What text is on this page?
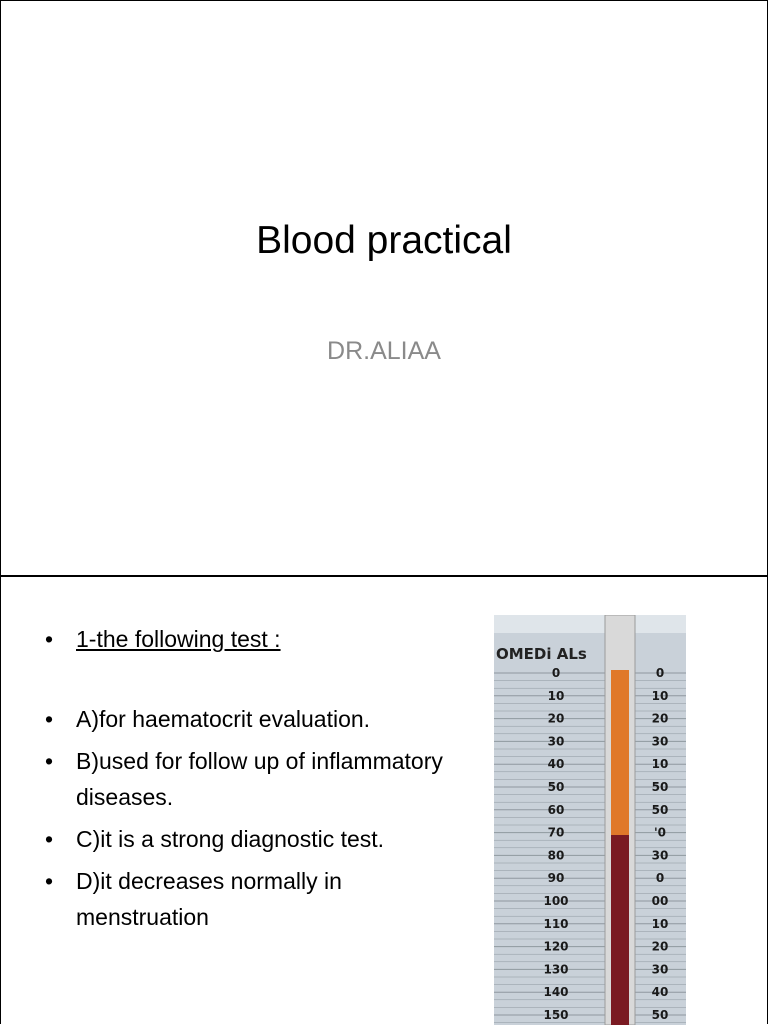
Blood practical
DR.ALIAA
• 1-the following test :
• A)for haematocrit evaluation.
• B)used for follow up of inflammatory diseases.
• C)it is a strong diagnostic test.
• D)it decreases normally in menstruation
OMEDi ALs
0
10
20
30
40
50
60
70
80
90
100
110
120
130
140
150
0
10
20
30
10
50
50
'0
30
0
00
10
20
30
40
50
